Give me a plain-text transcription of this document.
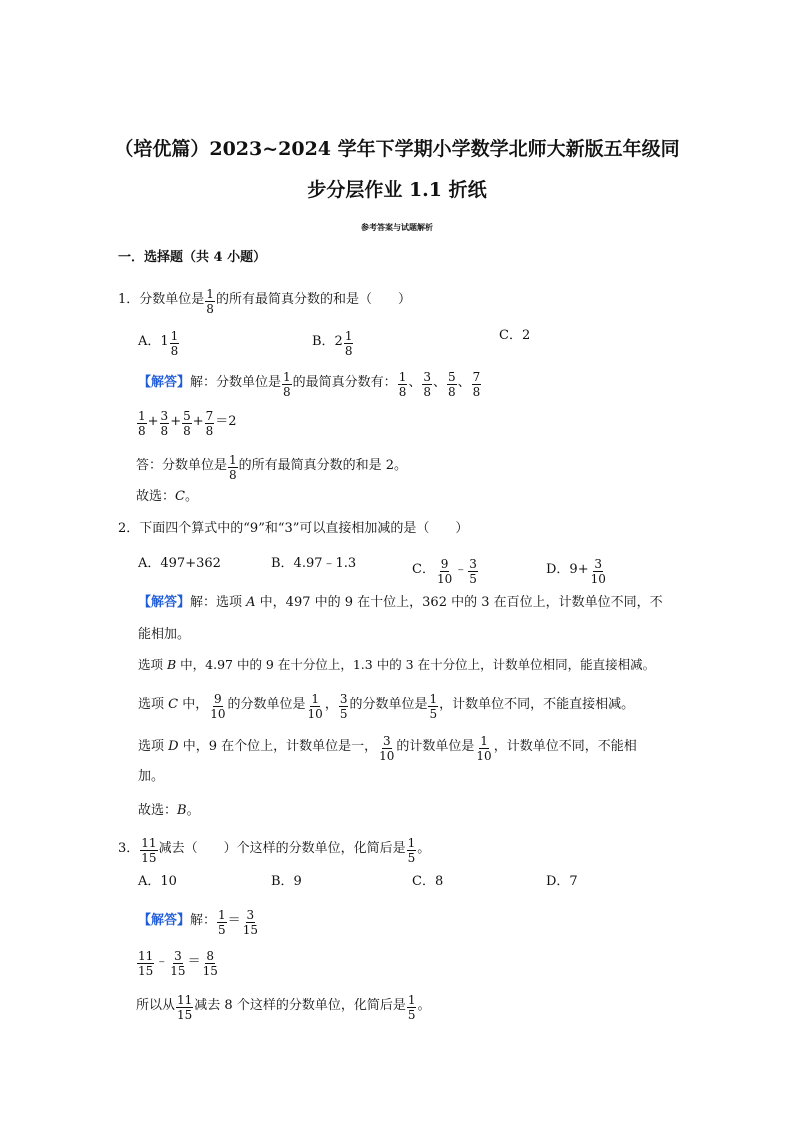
（培优篇）2023~2024 学年下学期小学数学北师大新版五年级同
步分层作业 1.1 折纸
参考答案与试题解析
一．选择题（共 4 小题）
1．分数单位是 $\frac{1}{8}$ 的所有最简真分数的和是（　　）
A．$1 \frac{1}{8}$	B．$2 \frac{1}{8}$	C．2
【解答】解：分数单位是 $\frac{1}{8}$ 的最简真分数有： $\frac{1}{8}$ 、 $\frac{3}{8}$ 、 $\frac{5}{8}$ 、 $\frac{7}{8}$
$\frac{1}{8} + \frac{3}{8} + \frac{5}{8} + \frac{7}{8} =2$
答：分数单位是 $\frac{1}{8}$ 的所有最简真分数的和是 2。
故选：C。
2．下面四个算式中的“9”和“3”可以直接相加减的是（　　）
A．497+362	B．4.97﹣1.3	C． $\frac{9}{10}$ ﹣ $\frac{3}{5}$	D．$9+ \frac{3}{10}$
【解答】解：选项 A 中，497 中的 9 在十位上，362 中的 3 在百位上，计数单位不同，不
能相加。
选项 B 中，4.97 中的 9 在十分位上，1.3 中的 3 在十分位上，计数单位相同，能直接相减。
选项 C 中， $\frac{9}{10}$ 的分数单位是 $\frac{1}{10}$ ， $\frac{3}{5}$ 的分数单位是 $\frac{1}{5}$ ，计数单位不同，不能直接相减。
选项 D 中，9 在个位上，计数单位是一， $\frac{3}{10}$ 的计数单位是 $\frac{1}{10}$ ，计数单位不同，不能相
加。
故选：B。
3． $\frac{11}{15}$ 减去（　　）个这样的分数单位，化简后是 $\frac{1}{5}$ 。
A．10	B．9	C．8	D．7
【解答】解： $\frac{1}{5} = \frac{3}{15}$
$\frac{11}{15}$ ﹣ $\frac{3}{15} = \frac{8}{15}$
所以从 $\frac{11}{15}$ 减去 8 个这样的分数单位，化简后是 $\frac{1}{5}$ 。
